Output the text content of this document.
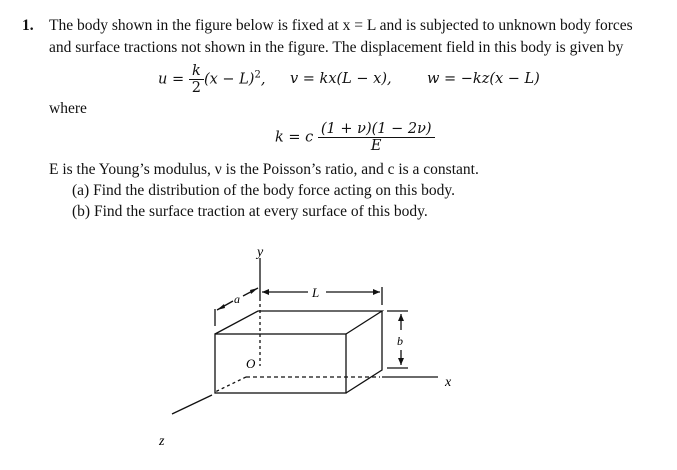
1. The body shown in the figure below is fixed at x = L and is subjected to unknown body forces
and surface tractions not shown in the figure. The displacement field in this body is given by
$u = \frac{k}{2} (x - L)^2$, v = kx(L − x), w = −kz(x − L)
where
k = c $\frac{(1 + \nu)(1 - 2\nu)}{E}$
E is the Young’s modulus, ν is the Poisson’s ratio, and c is a constant.
(a) Find the distribution of the body force acting on this body.
(b) Find the surface traction at every surface of this body.
y
x
z
a	L
b
O
